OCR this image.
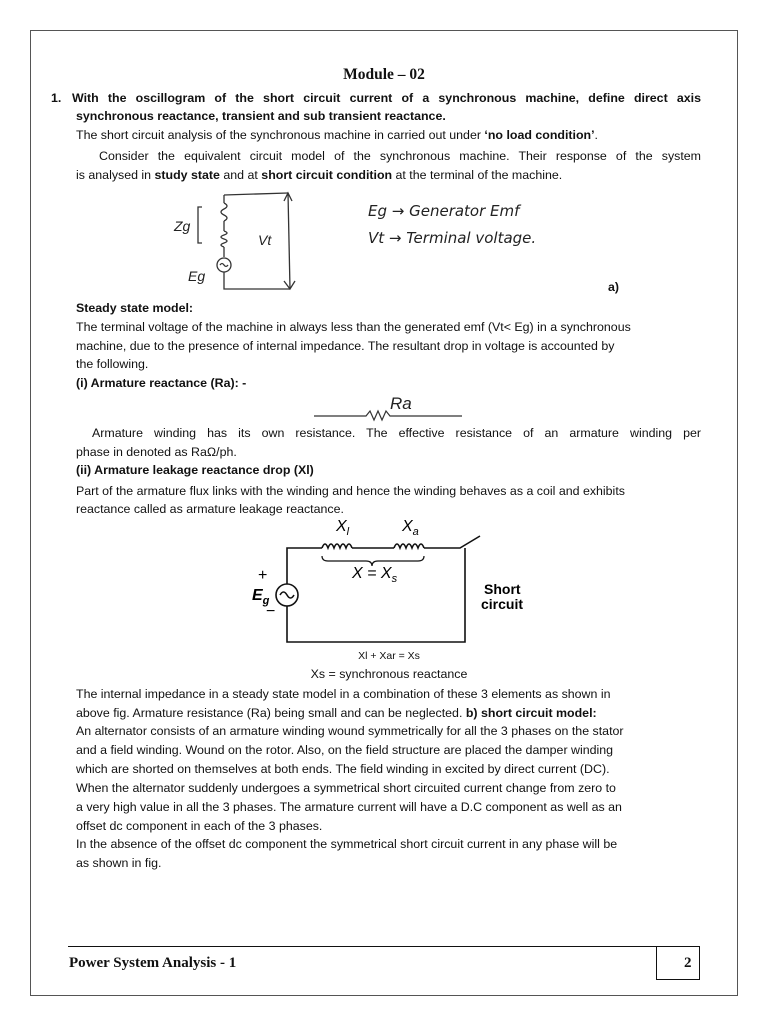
Module – 02
1. With the oscillogram of the short circuit current of a synchronous machine, define direct axis
synchronous reactance, transient and sub transient reactance.
The short circuit analysis of the synchronous machine in carried out under ‘no load condition’.
Consider the equivalent circuit model of the synchronous machine. Their response of the system
is analysed in study state and at short circuit condition at the terminal of the machine.
Zg
Eg
Vt
Eg → Generator Emf
Vt → Terminal voltage.
a)
Steady state model:
The terminal voltage of the machine in always less than the generated emf (Vt< Eg) in a synchronous
machine, due to the presence of internal impedance. The resultant drop in voltage is accounted by
the following.
(i) Armature reactance (Ra): -
Ra
Armature winding has its own resistance. The effective resistance of an armature winding per
phase in denoted as RaΩ/ph.
(ii) Armature leakage reactance drop (Xl)
Part of the armature flux links with the winding and hence the winding behaves as a coil and exhibits
reactance called as armature leakage reactance.
$X_l$	$X_a$
$X = X_s$
+
$E_g$
−
Short
circuit
Xl + Xar = Xs
Xs = synchronous reactance
The internal impedance in a steady state model in a combination of these 3 elements as shown in
above fig. Armature resistance (Ra) being small and can be neglected. b) short circuit model:
An alternator consists of an armature winding wound symmetrically for all the 3 phases on the stator
and a field winding. Wound on the rotor. Also, on the field structure are placed the damper winding
which are shorted on themselves at both ends. The field winding in excited by direct current (DC).
When the alternator suddenly undergoes a symmetrical short circuited current change from zero to
a very high value in all the 3 phases. The armature current will have a D.C component as well as an
offset dc component in each of the 3 phases.
In the absence of the offset dc component the symmetrical short circuit current in any phase will be
as shown in fig.
Power System Analysis - 1	2
